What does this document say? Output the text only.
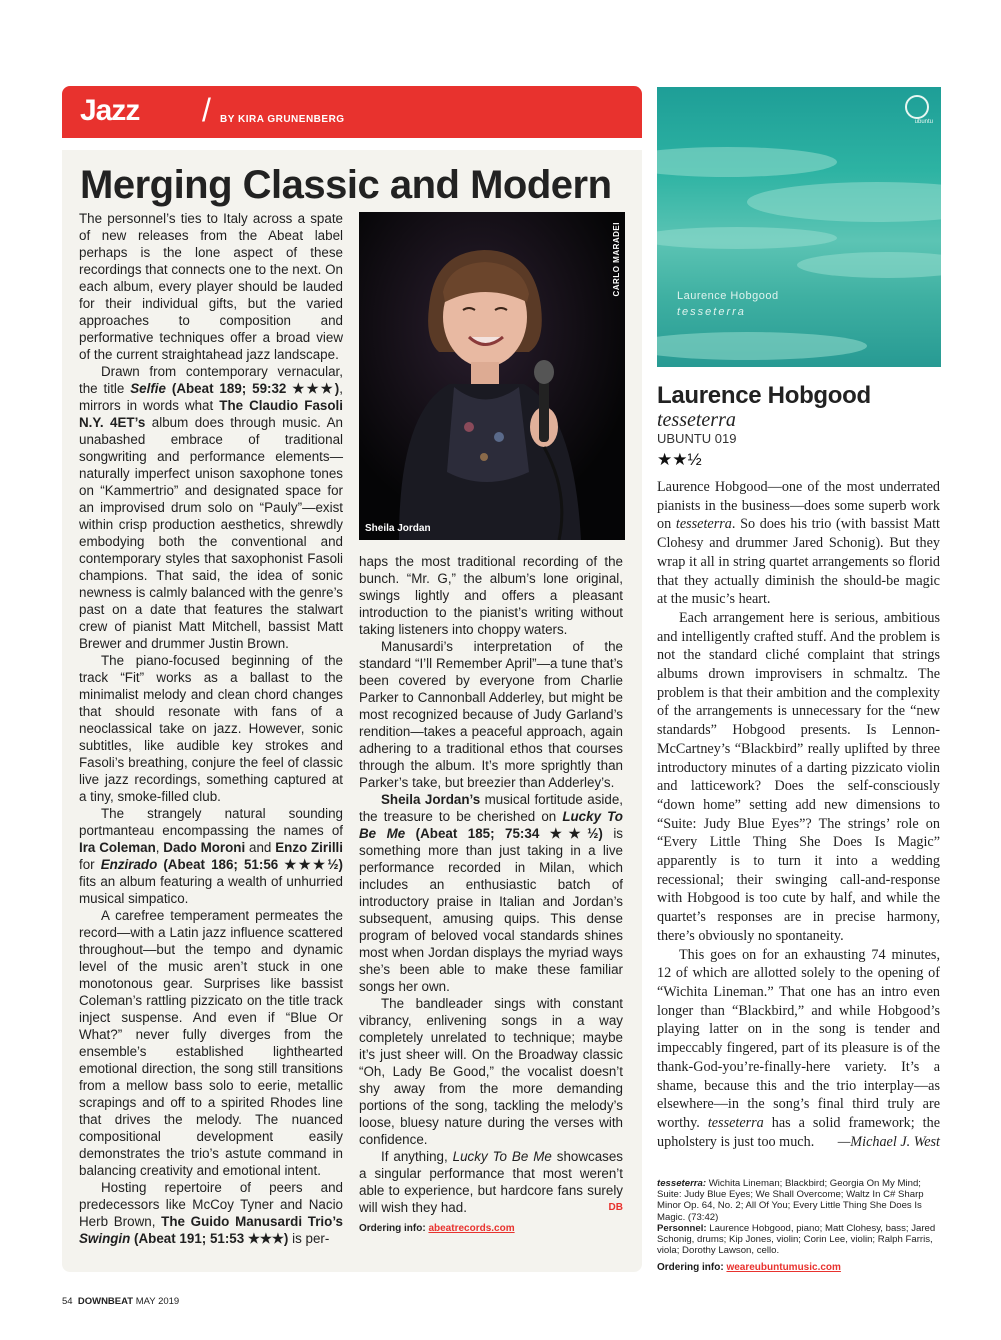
Jazz / BY KIRA GRUNENBERG
Merging Classic and Modern

The personnel’s ties to Italy across a spate of new releases from the Abeat label perhaps is the lone aspect of these recordings that connects one to the next. On each album, every player should be lauded for their individual gifts, but the varied approaches to composition and performative techniques offer a broad view of the current straightahead jazz landscape.

Drawn from contemporary vernacular, the title Selfie (Abeat 189; 59:32 ★★★), mirrors in words what The Claudio Fasoli N.Y. 4ET’s album does through music. An unabashed embrace of traditional songwriting and performance elements—naturally imperfect unison saxophone tones on “Kammertrio” and designated space for an improvised drum solo on “Pauly”—exist within crisp production aesthetics, shrewdly embodying both the conventional and contemporary styles that saxophonist Fasoli champions. That said, the idea of sonic newness is calmly balanced with the genre’s past on a date that features the stalwart crew of pianist Matt Mitchell, bassist Matt Brewer and drummer Justin Brown.

The piano-focused beginning of the track “Fit” works as a ballast to the minimalist melody and clean chord changes that should resonate with fans of a neoclassical take on jazz. However, sonic subtitles, like audible key strokes and Fasoli’s breathing, conjure the feel of classic live jazz recordings, something captured at a tiny, smoke-filled club.

The strangely natural sounding portmanteau encompassing the names of Ira Coleman, Dado Moroni and Enzo Zirilli for Enzirado (Abeat 186; 51:56 ★★★½) fits an album featuring a wealth of unhurried musical simpatico.

A carefree temperament permeates the record—with a Latin jazz influence scattered throughout—but the tempo and dynamic level of the music aren’t stuck in one monotonous gear. Surprises like bassist Coleman’s rattling pizzicato on the title track inject suspense. And even if “Blue Or What?” never fully diverges from the ensemble’s established lighthearted emotional direction, the song still transitions from a mellow bass solo to eerie, metallic scrapings and off to a spirited Rhodes line that drives the melody. The nuanced compositional development easily demonstrates the trio’s astute command in balancing creativity and emotional intent.

Hosting repertoire of peers and predecessors like McCoy Tyner and Nacio Herb Brown, The Guido Manusardi Trio’s Swingin (Abeat 191; 51:53 ★★★) is per-

CARLO MARADEI
Sheila Jordan

haps the most traditional recording of the bunch. “Mr. G,” the album’s lone original, swings lightly and offers a pleasant introduction to the pianist’s writing without taking listeners into choppy waters.

Manusardi’s interpretation of the standard “I’ll Remember April”—a tune that’s been covered by everyone from Charlie Parker to Cannonball Adderley, but might be most recognized because of Judy Garland’s rendition—takes a peaceful approach, again adhering to a traditional ethos that courses through the album. It’s more sprightly than Parker’s take, but breezier than Adderley’s.

Sheila Jordan’s musical fortitude aside, the treasure to be cherished on Lucky To Be Me (Abeat 185; 75:34 ★★½) is something more than just taking in a live performance recorded in Milan, which includes an enthusiastic batch of introductory praise in Italian and Jordan’s subsequent, amusing quips. This dense program of beloved vocal standards shines most when Jordan displays the myriad ways she’s been able to make these familiar songs her own.

The bandleader sings with constant vibrancy, enlivening songs in a way completely unrelated to technique; maybe it’s just sheer will. On the Broadway classic “Oh, Lady Be Good,” the vocalist doesn’t shy away from the more demanding portions of the song, tackling the melody’s loose, bluesy nature during the verses with confidence.

If anything, Lucky To Be Me showcases a singular performance that most weren’t able to experience, but hardcore fans surely will wish they had.	DB

Ordering info: abeatrecords.com
ubuntu
Laurence Hobgood
tesseterra
Laurence Hobgood
tesseterra
UBUNTU 019
★★½

Laurence Hobgood—one of the most underrated pianists in the business—does some superb work on tesseterra. So does his trio (with bassist Matt Clohesy and drummer Jared Schonig). But they wrap it all in string quartet arrangements so florid that they actually diminish the should-be magic at the music’s heart.

Each arrangement here is serious, ambitious and intelligently crafted stuff. And the problem is not the standard cliché complaint that strings albums drown improvisers in schmaltz. The problem is that their ambition and the complexity of the arrangements is unnecessary for the “new standards” Hobgood presents. Is Lennon-McCartney’s “Blackbird” really uplifted by three introductory minutes of a darting pizzicato violin and latticework? Does the self-consciously “down home” setting add new dimensions to “Suite: Judy Blue Eyes”? The strings’ role on “Every Little Thing She Does Is Magic” apparently is to turn it into a wedding recessional; their swinging call-and-response with Hobgood is too cute by half, and while the quartet’s responses are in precise harmony, there’s obviously no spontaneity.

This goes on for an exhausting 74 minutes, 12 of which are allotted solely to the opening of “Wichita Lineman.” That one has an intro even longer than “Blackbird,” and while Hobgood’s playing latter on in the song is tender and impeccably fingered, part of its pleasure is of the thank-God-you’re-finally-here variety. It’s a shame, because this and the trio interplay—as elsewhere—in the song’s final third truly are worthy. tesseterra has a solid framework; the upholstery is just too much.	—Michael J. West

tesseterra: Wichita Lineman; Blackbird; Georgia On My Mind; Suite: Judy Blue Eyes; We Shall Overcome; Waltz In C# Sharp Minor Op. 64, No. 2; All Of You; Every Little Thing She Does Is Magic. (73:42)
Personnel: Laurence Hobgood, piano; Matt Clohesy, bass; Jared Schonig, drums; Kip Jones, violin; Corin Lee, violin; Ralph Farris, viola; Dorothy Lawson, cello.
Ordering info: weareubuntumusic.com
54 DOWNBEAT MAY 2019
